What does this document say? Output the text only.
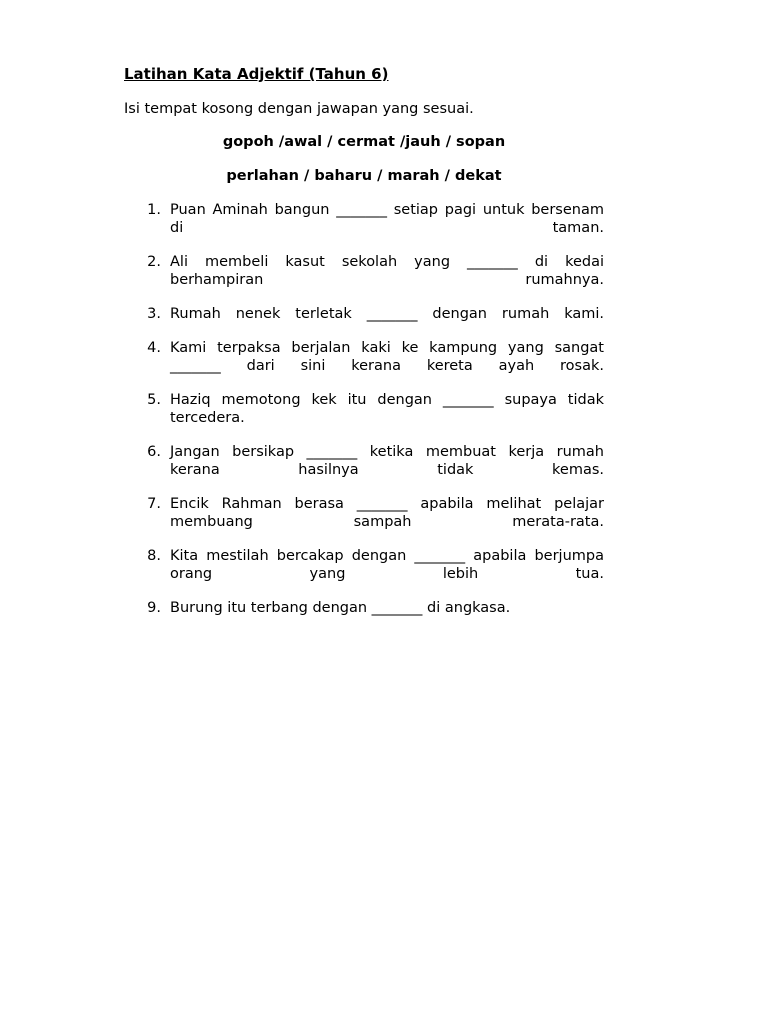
Latihan Kata Adjektif (Tahun 6)
Isi tempat kosong dengan jawapan yang sesuai.
gopoh /awal / cermat /jauh / sopan
perlahan / baharu / marah / dekat
1. Puan Aminah bangun _______ setiap pagi untuk bersenam di taman.
2. Ali membeli kasut sekolah yang _______ di kedai berhampiran rumahnya.
3. Rumah nenek terletak _______ dengan rumah kami.
4. Kami terpaksa berjalan kaki ke kampung yang sangat _______ dari sini kerana kereta ayah rosak.
5. Haziq memotong kek itu dengan _______ supaya tidak tercedera.
6. Jangan bersikap _______ ketika membuat kerja rumah kerana hasilnya tidak kemas.
7. Encik Rahman berasa _______ apabila melihat pelajar membuang sampah merata-rata.
8. Kita mestilah bercakap dengan _______ apabila berjumpa orang yang lebih tua.
9. Burung itu terbang dengan _______ di angkasa.
